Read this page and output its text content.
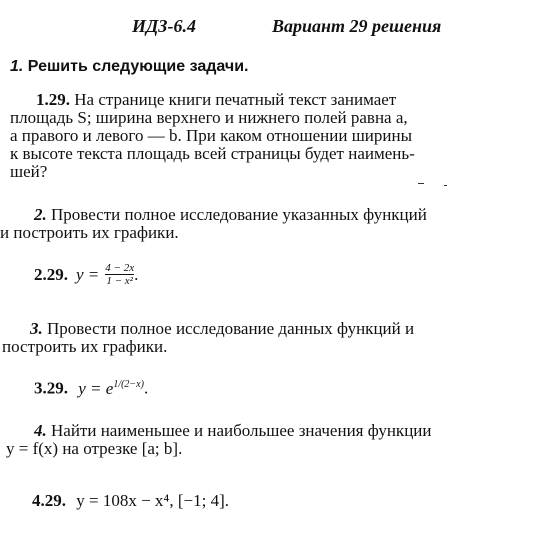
ИДЗ-6.4	Вариант 29 решения
1. Решить следующие задачи.
1.29. На странице книги печатный текст занимает
площадь S; ширина верхнего и нижнего полей равна a,
а правого и левого — b. При каком отношении ширины
к высоте текста площадь всей страницы будет наимень-
шей?
2. Провести полное исследование указанных функций
и построить их графики.
2.29. $y = \frac{4 - 2x}{\text{1 − x²}}$ .
3. Провести полное исследование данных функций и
построить их графики.
3.29. $y = e^{1/(2-x)}$.
4. Найти наименьшее и наибольшее значения функции
y = f(x) на отрезке [a; b].
4.29. y = 108x − x⁴, [−1; 4].
